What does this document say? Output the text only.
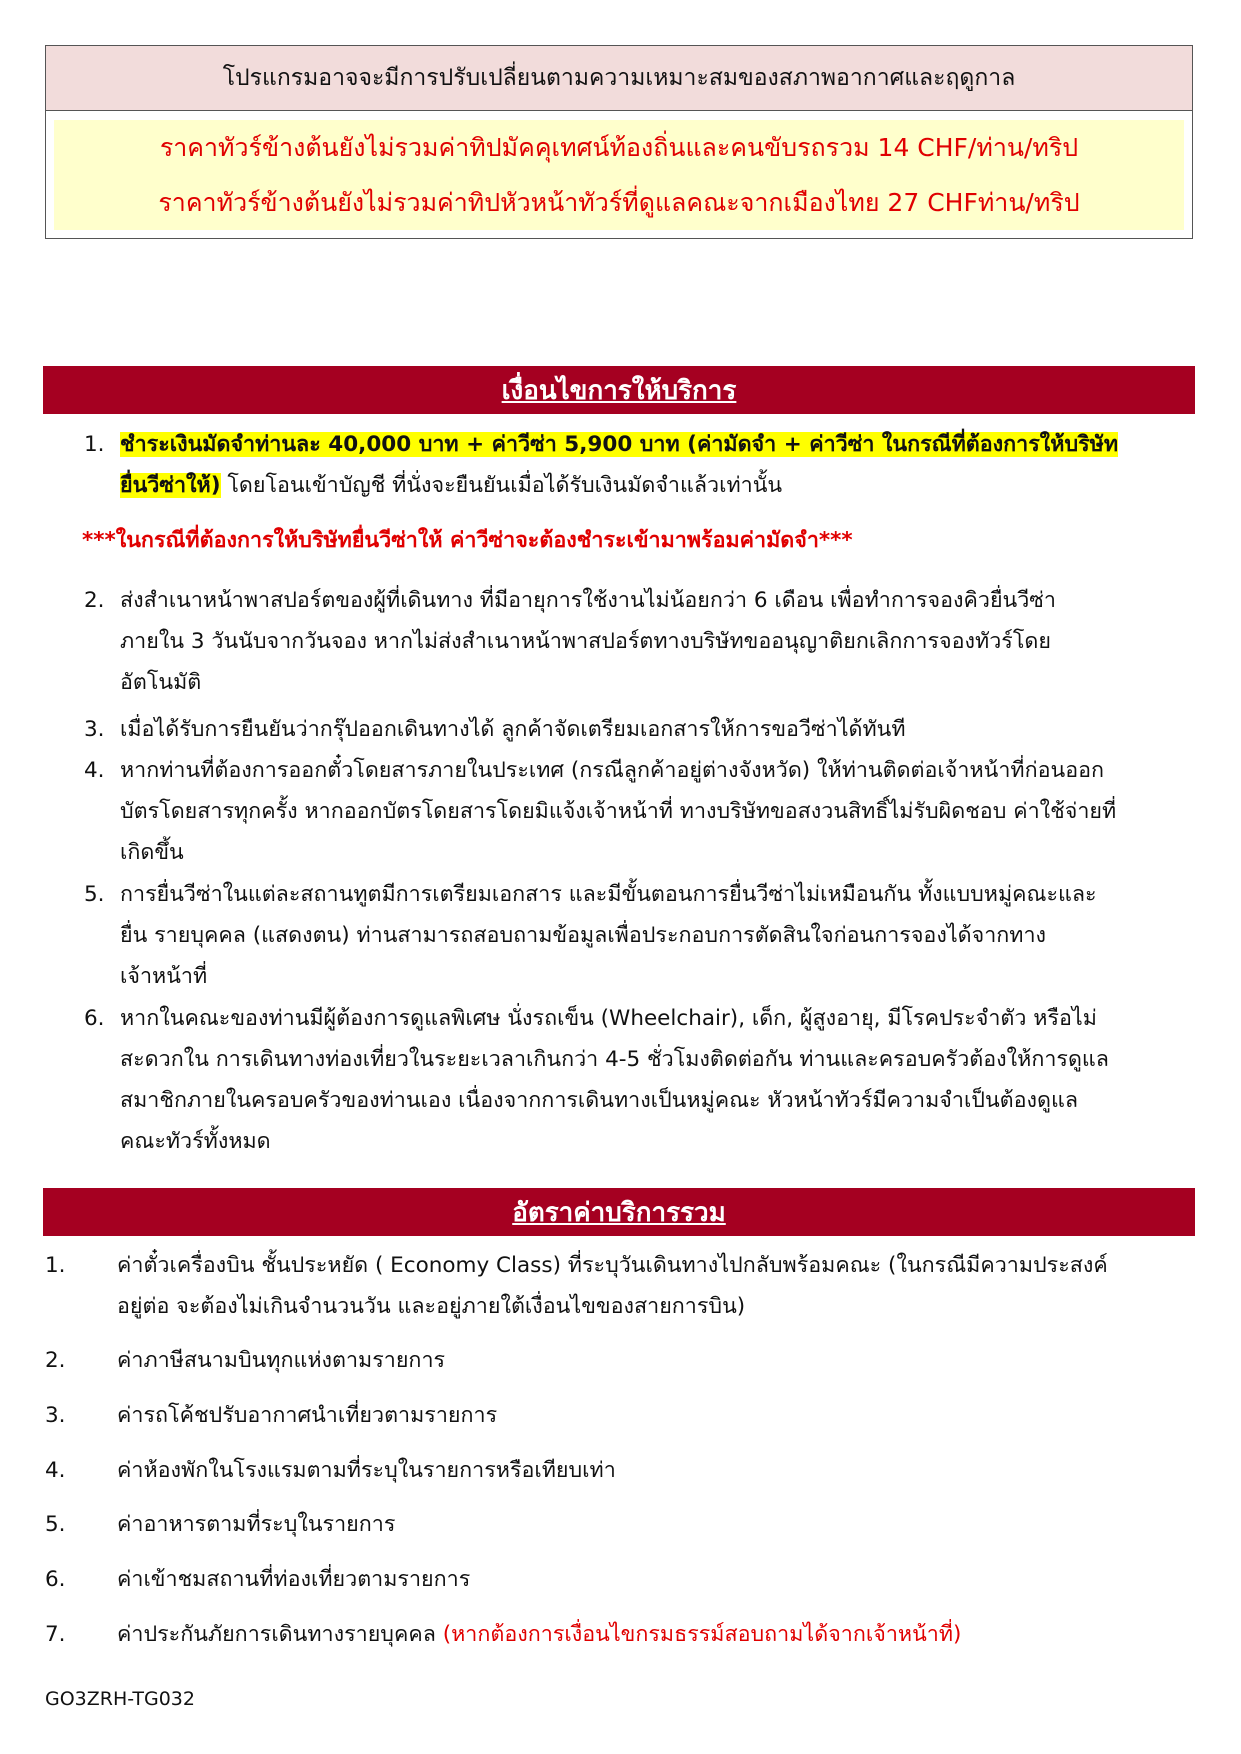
โปรแกรมอาจจะมีการปรับเปลี่ยนตามความเหมาะสมของสภาพอากาศและฤดูกาล
ราคาทัวร์ข้างต้นยังไม่รวมค่าทิปมัคคุเทศน์ท้องถิ่นและคนขับรถรวม 14 CHF/ท่าน/ทริป
ราคาทัวร์ข้างต้นยังไม่รวมค่าทิปหัวหน้าทัวร์ที่ดูแลคณะจากเมืองไทย 27 CHFท่าน/ทริป
เงื่อนไขการให้บริการ
1. ชำระเงินมัดจำท่านละ 40,000 บาท + ค่าวีซ่า 5,900 บาท (ค่ามัดจำ + ค่าวีซ่า ในกรณีที่ต้องการให้บริษัท
ยื่นวีซ่าให้) โดยโอนเข้าบัญชี ที่นั่งจะยืนยันเมื่อได้รับเงินมัดจำแล้วเท่านั้น
***ในกรณีที่ต้องการให้บริษัทยื่นวีซ่าให้ ค่าวีซ่าจะต้องชำระเข้ามาพร้อมค่ามัดจำ***
2. ส่งสำเนาหน้าพาสปอร์ตของผู้ที่เดินทาง ที่มีอายุการใช้งานไม่น้อยกว่า 6 เดือน เพื่อทำการจองคิวยื่นวีซ่า
ภายใน 3 วันนับจากวันจอง หากไม่ส่งสำเนาหน้าพาสปอร์ตทางบริษัทขออนุญาติยกเลิกการจองทัวร์โดย
อัตโนมัติ
3. เมื่อได้รับการยืนยันว่ากรุ๊ปออกเดินทางได้ ลูกค้าจัดเตรียมเอกสารให้การขอวีซ่าได้ทันที
4. หากท่านที่ต้องการออกตั๋วโดยสารภายในประเทศ (กรณีลูกค้าอยู่ต่างจังหวัด) ให้ท่านติดต่อเจ้าหน้าที่ก่อนออก
บัตรโดยสารทุกครั้ง หากออกบัตรโดยสารโดยมิแจ้งเจ้าหน้าที่ ทางบริษัทขอสงวนสิทธิ์ไม่รับผิดชอบ ค่าใช้จ่ายที่
เกิดขึ้น
5. การยื่นวีซ่าในแต่ละสถานทูตมีการเตรียมเอกสาร และมีขั้นตอนการยื่นวีซ่าไม่เหมือนกัน ทั้งแบบหมู่คณะและ
ยื่น รายบุคคล (แสดงตน) ท่านสามารถสอบถามข้อมูลเพื่อประกอบการตัดสินใจก่อนการจองได้จากทาง
เจ้าหน้าที่
6. หากในคณะของท่านมีผู้ต้องการดูแลพิเศษ นั่งรถเข็น (Wheelchair), เด็ก, ผู้สูงอายุ, มีโรคประจำตัว หรือไม่
สะดวกใน การเดินทางท่องเที่ยวในระยะเวลาเกินกว่า 4-5 ชั่วโมงติดต่อกัน ท่านและครอบครัวต้องให้การดูแล
สมาชิกภายในครอบครัวของท่านเอง เนื่องจากการเดินทางเป็นหมู่คณะ หัวหน้าทัวร์มีความจำเป็นต้องดูแล
คณะทัวร์ทั้งหมด
อัตราค่าบริการรวม
1. ค่าตั๋วเครื่องบิน ชั้นประหยัด ( Economy Class) ที่ระบุวันเดินทางไปกลับพร้อมคณะ (ในกรณีมีความประสงค์
อยู่ต่อ จะต้องไม่เกินจำนวนวัน และอยู่ภายใต้เงื่อนไขของสายการบิน)
2. ค่าภาษีสนามบินทุกแห่งตามรายการ
3. ค่ารถโค้ชปรับอากาศนำเที่ยวตามรายการ
4. ค่าห้องพักในโรงแรมตามที่ระบุในรายการหรือเทียบเท่า
5. ค่าอาหารตามที่ระบุในรายการ
6. ค่าเข้าชมสถานที่ท่องเที่ยวตามรายการ
7. ค่าประกันภัยการเดินทางรายบุคคล (หากต้องการเงื่อนไขกรมธรรม์สอบถามได้จากเจ้าหน้าที่)
GO3ZRH-TG032
